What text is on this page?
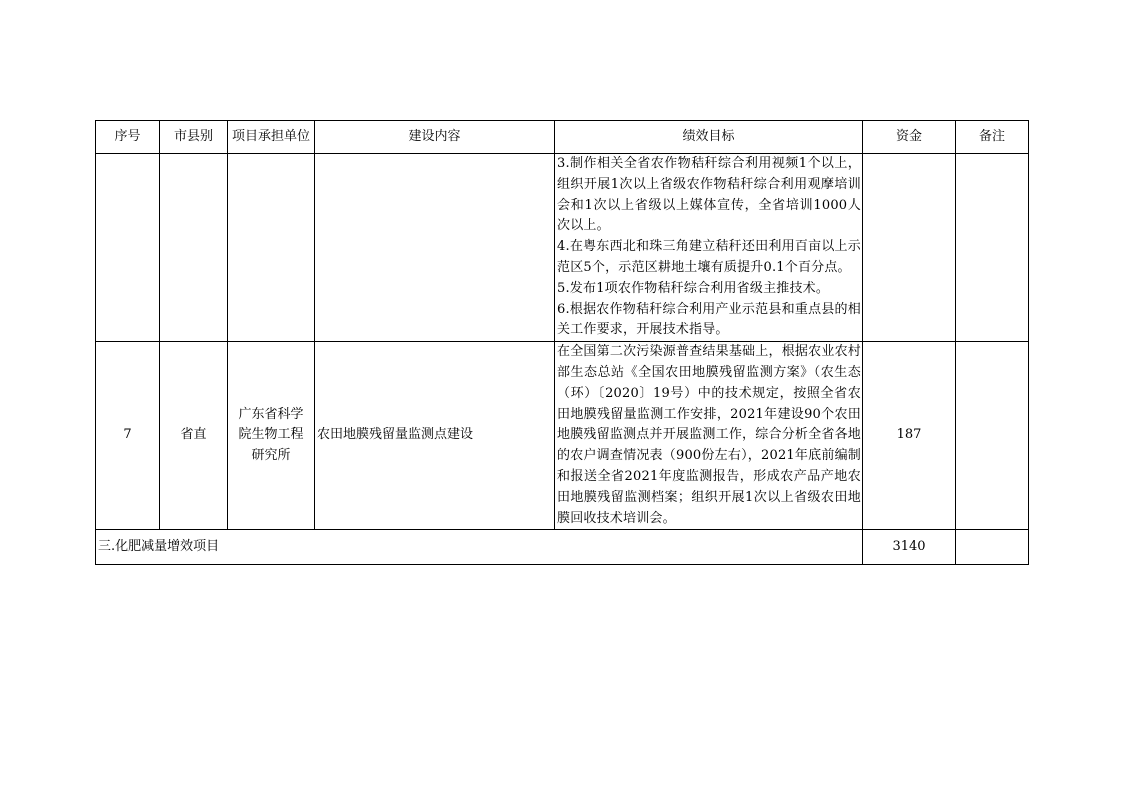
序号	市县别	项目承担单位	建设内容	绩效目标	资金	备注

				3.制作相关全省农作物秸秆综合利用视频1个以上，组织开展1次以上省级农作物秸秆综合利用观摩培训会和1次以上省级以上媒体宣传，全省培训1000人次以上。
4.在粤东西北和珠三角建立秸秆还田利用百亩以上示范区5个，示范区耕地土壤有质提升0.1个百分点。
5.发布1项农作物秸秆综合利用省级主推技术。
6.根据农作物秸秆综合利用产业示范县和重点县的相关工作要求，开展技术指导。		

7	省直	广东省科学院生物工程研究所	农田地膜残留量监测点建设	在全国第二次污染源普查结果基础上，根据农业农村部生态总站《全国农田地膜残留监测方案》（农生态（环）〔2020〕19号）中的技术规定，按照全省农田地膜残留量监测工作安排，2021年建设90个农田地膜残留监测点并开展监测工作，综合分析全省各地的农户调查情况表（900份左右），2021年底前编制和报送全省2021年度监测报告，形成农产品产地农田地膜残留监测档案；组织开展1次以上省级农田地膜回收技术培训会。	187	
三.化肥减量增效项目					3140	
